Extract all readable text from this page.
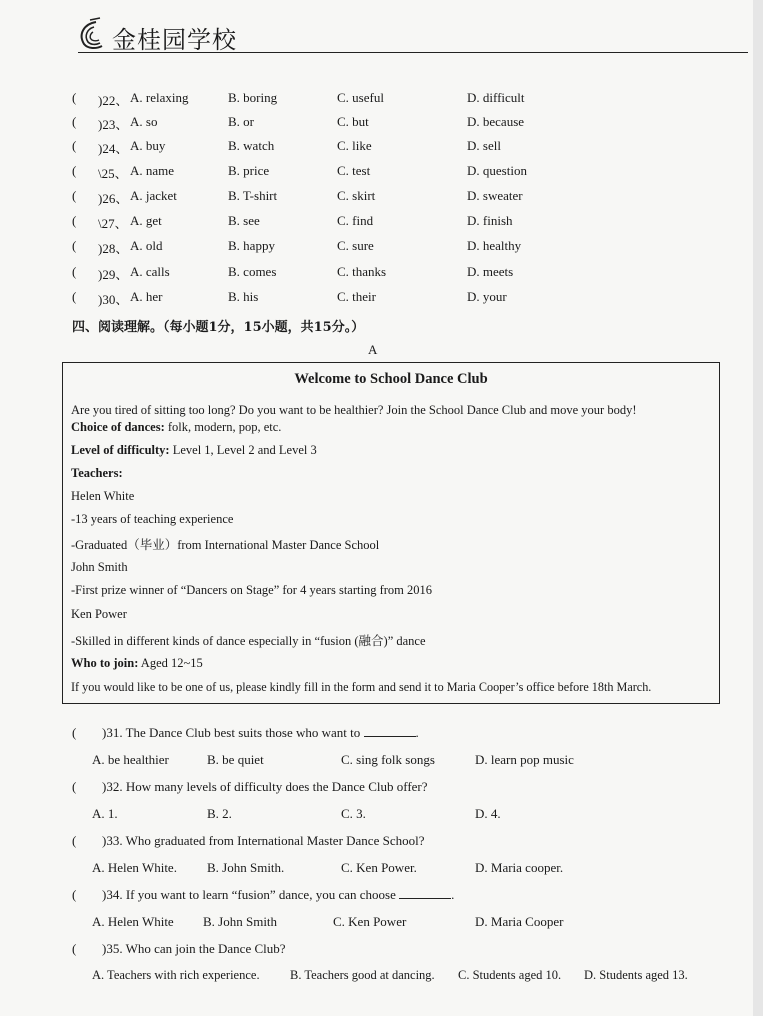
金桂园学校
( )22、 A. relaxing	B. boring	C. useful	D. difficult
( )23、 A. so	B. or	C. but	D. because
( )24、 A. buy	B. watch	C. like	D. sell
( \25、 A. name	B. price	C. test	D. question
( )26、 A. jacket	B. T-shirt	C. skirt	D. sweater
( \27、 A. get	B. see	C. find	D. finish
( )28、 A. old	B. happy	C. sure	D. healthy
( )29、 A. calls	B. comes	C. thanks	D. meets
( )30、 A. her	B. his	C. their	D. your
四、阅读理解。（每小题1分，15小题，共15分。）
A
Welcome to School Dance Club
Are you tired of sitting too long? Do you want to be healthier? Join the School Dance Club and move your body!
Choice of dances: folk, modern, pop, etc.
Level of difficulty: Level 1, Level 2 and Level 3
Teachers:
Helen White
-13 years of teaching experience
-Graduated（毕业）from International Master Dance School
John Smith
-First prize winner of “Dancers on Stage” for 4 years starting from 2016
Ken Power
-Skilled in different kinds of dance especially in “fusion (融合)” dance
Who to join: Aged 12~15
If you would like to be one of us, please kindly fill in the form and send it to Maria Cooper’s office before 18th March.
( )31. The Dance Club best suits those who want to	.
A. be healthier	B. be quiet	C. sing folk songs	D. learn pop music
( )32. How many levels of difficulty does the Dance Club offer?
A. 1.	B. 2.	C. 3.	D. 4.
( )33. Who graduated from International Master Dance School?
A. Helen White. B. John Smith.	C. Ken Power.	D. Maria cooper.
( )34. If you want to learn “fusion” dance, you can choose	.
A. Helen White B. John Smith	C. Ken Power	D. Maria Cooper
( )35. Who can join the Dance Club?
A. Teachers with rich experience. B. Teachers good at dancing. C. Students aged 10. D. Students aged 13.
